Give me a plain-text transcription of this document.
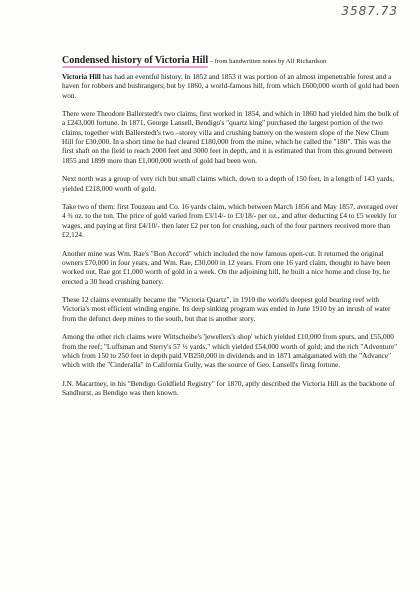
3587.73
Condensed history of Victoria Hill – from handwritten notes by Alf Richardson

Victoria Hill has had an eventful history. In 1852 and 1853 it was portion of an almost impenetrable forest and a haven for robbers and bushrangers; but by 1860, a world-famous hill, from which £600,000 worth of gold had been won.

There were Theodore Ballerstedt's two claims, first worked in 1854, and which in 1860 had yielded him the bulk of a £243,000 fortune. In 1871, George Lansell, Bendigo's "quartz king" purchased the largest portion of the two claims, together with Ballerstedt's two –storey villa and crushing battery on the western slope of the New Chum Hill for £30,000. In a short time he had cleared £180,000 from the mine, which he called the "180". This was the first shaft on the field to reach 2000 feet and 3000 feet in depth, and it is estimated that from this ground between 1855 and 1899 more than £1,000,000 worth of gold had been won.

Next north was a group of very rich but small claims which, down to a depth of 150 feet, in a length of 143 yards, yielded £218,000 worth of gold.

Take two of them: first Touzeau and Co. 16 yards claim, which between March 1856 and May 1857, averaged over 4 ¾ oz. to the ton. The price of gold varied from £3/14/- to £3/18/- per oz., and after deducting £4 to £5 weekly for wages, and paying at first £4/10/- then later £2 per ton for crushing, each of the four partners received more than £2,124.

Another mine was Wm. Rae's "Bon Accord" which included the now famous open-cut. It returned the original owners £70,000 in four years, and Wm. Rae, £30,000 in 12 years. From one 16 yard claim, thought to have been worked out, Rae got £1,000 worth of gold in a week. On the adjoining hill, he built a nice home and close by, he erected a 30 head crushing battery.

These 12 claims eventually became the "Victoria Quartz", in 1910 the world's deepest gold bearing reef with Victoria's most efficient winding engine. Its deep sinking program was ended in June 1910 by an inrush of water from the defunct deep mines to the south, but that is another story.

Among the other rich claims were Wittscheibe's 'jewellers's shop' which yielded £10,000 from spurs, and £55,000 from the reef; "Luffsman and Sterry's 57 ½ yards," which yielded £54,000 worth of gold; and the rich "Adventure" which from 150 to 250 feet in depth paid VB250,000 in dividends and in 1871 amalgamated with the "Advance" which with the "Cinderalla" in California Gully, was the source of Geo. Lansell's firstg fortune.

J.N. Macartney, in his "Bendigo Goldfield Registry" for 1870, aptly described the Victoria Hill as the backbone of Sandhurst, as Bendigo was then known.
